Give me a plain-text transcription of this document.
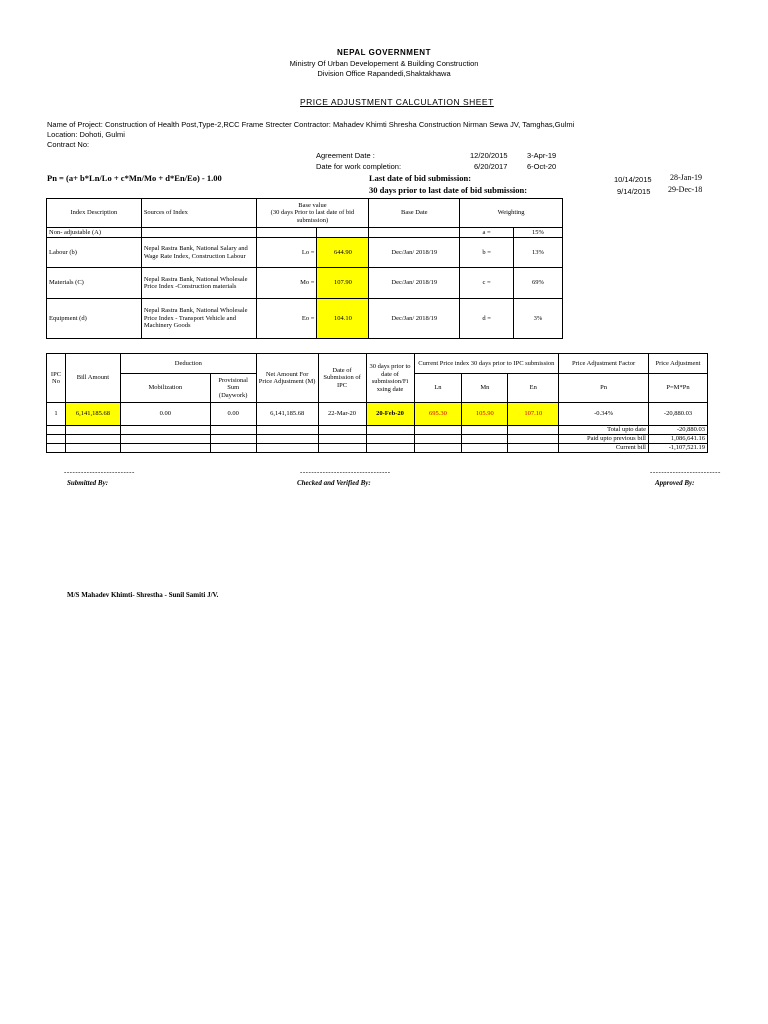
NEPAL GOVERNMENT
Ministry Of Urban Developement & Building Construction
Division Office Rapandedi,Shaktakhawa
PRICE ADJUSTMENT CALCULATION SHEET
Name of Project: Construction of Health Post,Type-2,RCC Frame Strecter Contractor: Mahadev Khimti Shresha Construction Nirman Sewa JV, Tamghas,Gulmi
Location: Dohoti, Gulmi
Contract No:
Agreement Date :	12/20/2015	3-Apr-19
Date for work completion:	6/20/2017	6-Oct-20
Pn = (a+ b*Ln/Lo + c*Mn/Mo + d*En/Eo) - 1.00	Last date of bid submission:	10/14/2015 28-Jan-19
30 days prior to last date of bid submission:	9/14/2015 29-Dec-18
Index Description	Sources of Index	Base value
(30 days Prior to last date of bid submission)		Base Date	Weighting	
Non- adjustable (A)					a =	15%
Labour (b)	Nepal Rastra Bank, National Salary and Wage Rate Index, Construction Labour	Lo =	644.90	Dec/Jan/ 2018/19	b =	13%
Materials (C)	Nepal Rastra Bank, National Wholesale Price Index -Construction materials	Mo =	107.90	Dec/Jan/ 2018/19	c =	69%
Equipment (d)	Nepal Rastra Bank, National Wholesale Price Index - Transport Vehicle and Machinery Goods	Eo =	104.10	Dec/Jan/ 2018/19	d =	3%
IPC No	Bill Amount	Deduction		Net Amount For Price Adjustment (M)	Date of Submission of IPC	30 days prior to date of submission/Fi xsing date	Current Price index 30 days prior to IPC submission			Price Adjustment Factor	Price Adjustment
		Mobilization	Provisional Sum (Daywork)				Ln	Mn	En	Pn	P=M*Pn
1	6,141,185.68	0.00	0.00	6,141,185.68	22-Mar-20	20-Feb-20	695.30	105.90	107.10	-0.34%	-20,880.03
										Total upto date	-20,880.03
										Paid upto previous bill	1,086,641.16
										Current bill	-1,107,521.19
-------------------------	--------------------------------	-------------------------
Submitted By:	Checked and Verified By:	Approved By:
M/S Mahadev Khimti- Shrestha - Sunil Samiti J/V.
